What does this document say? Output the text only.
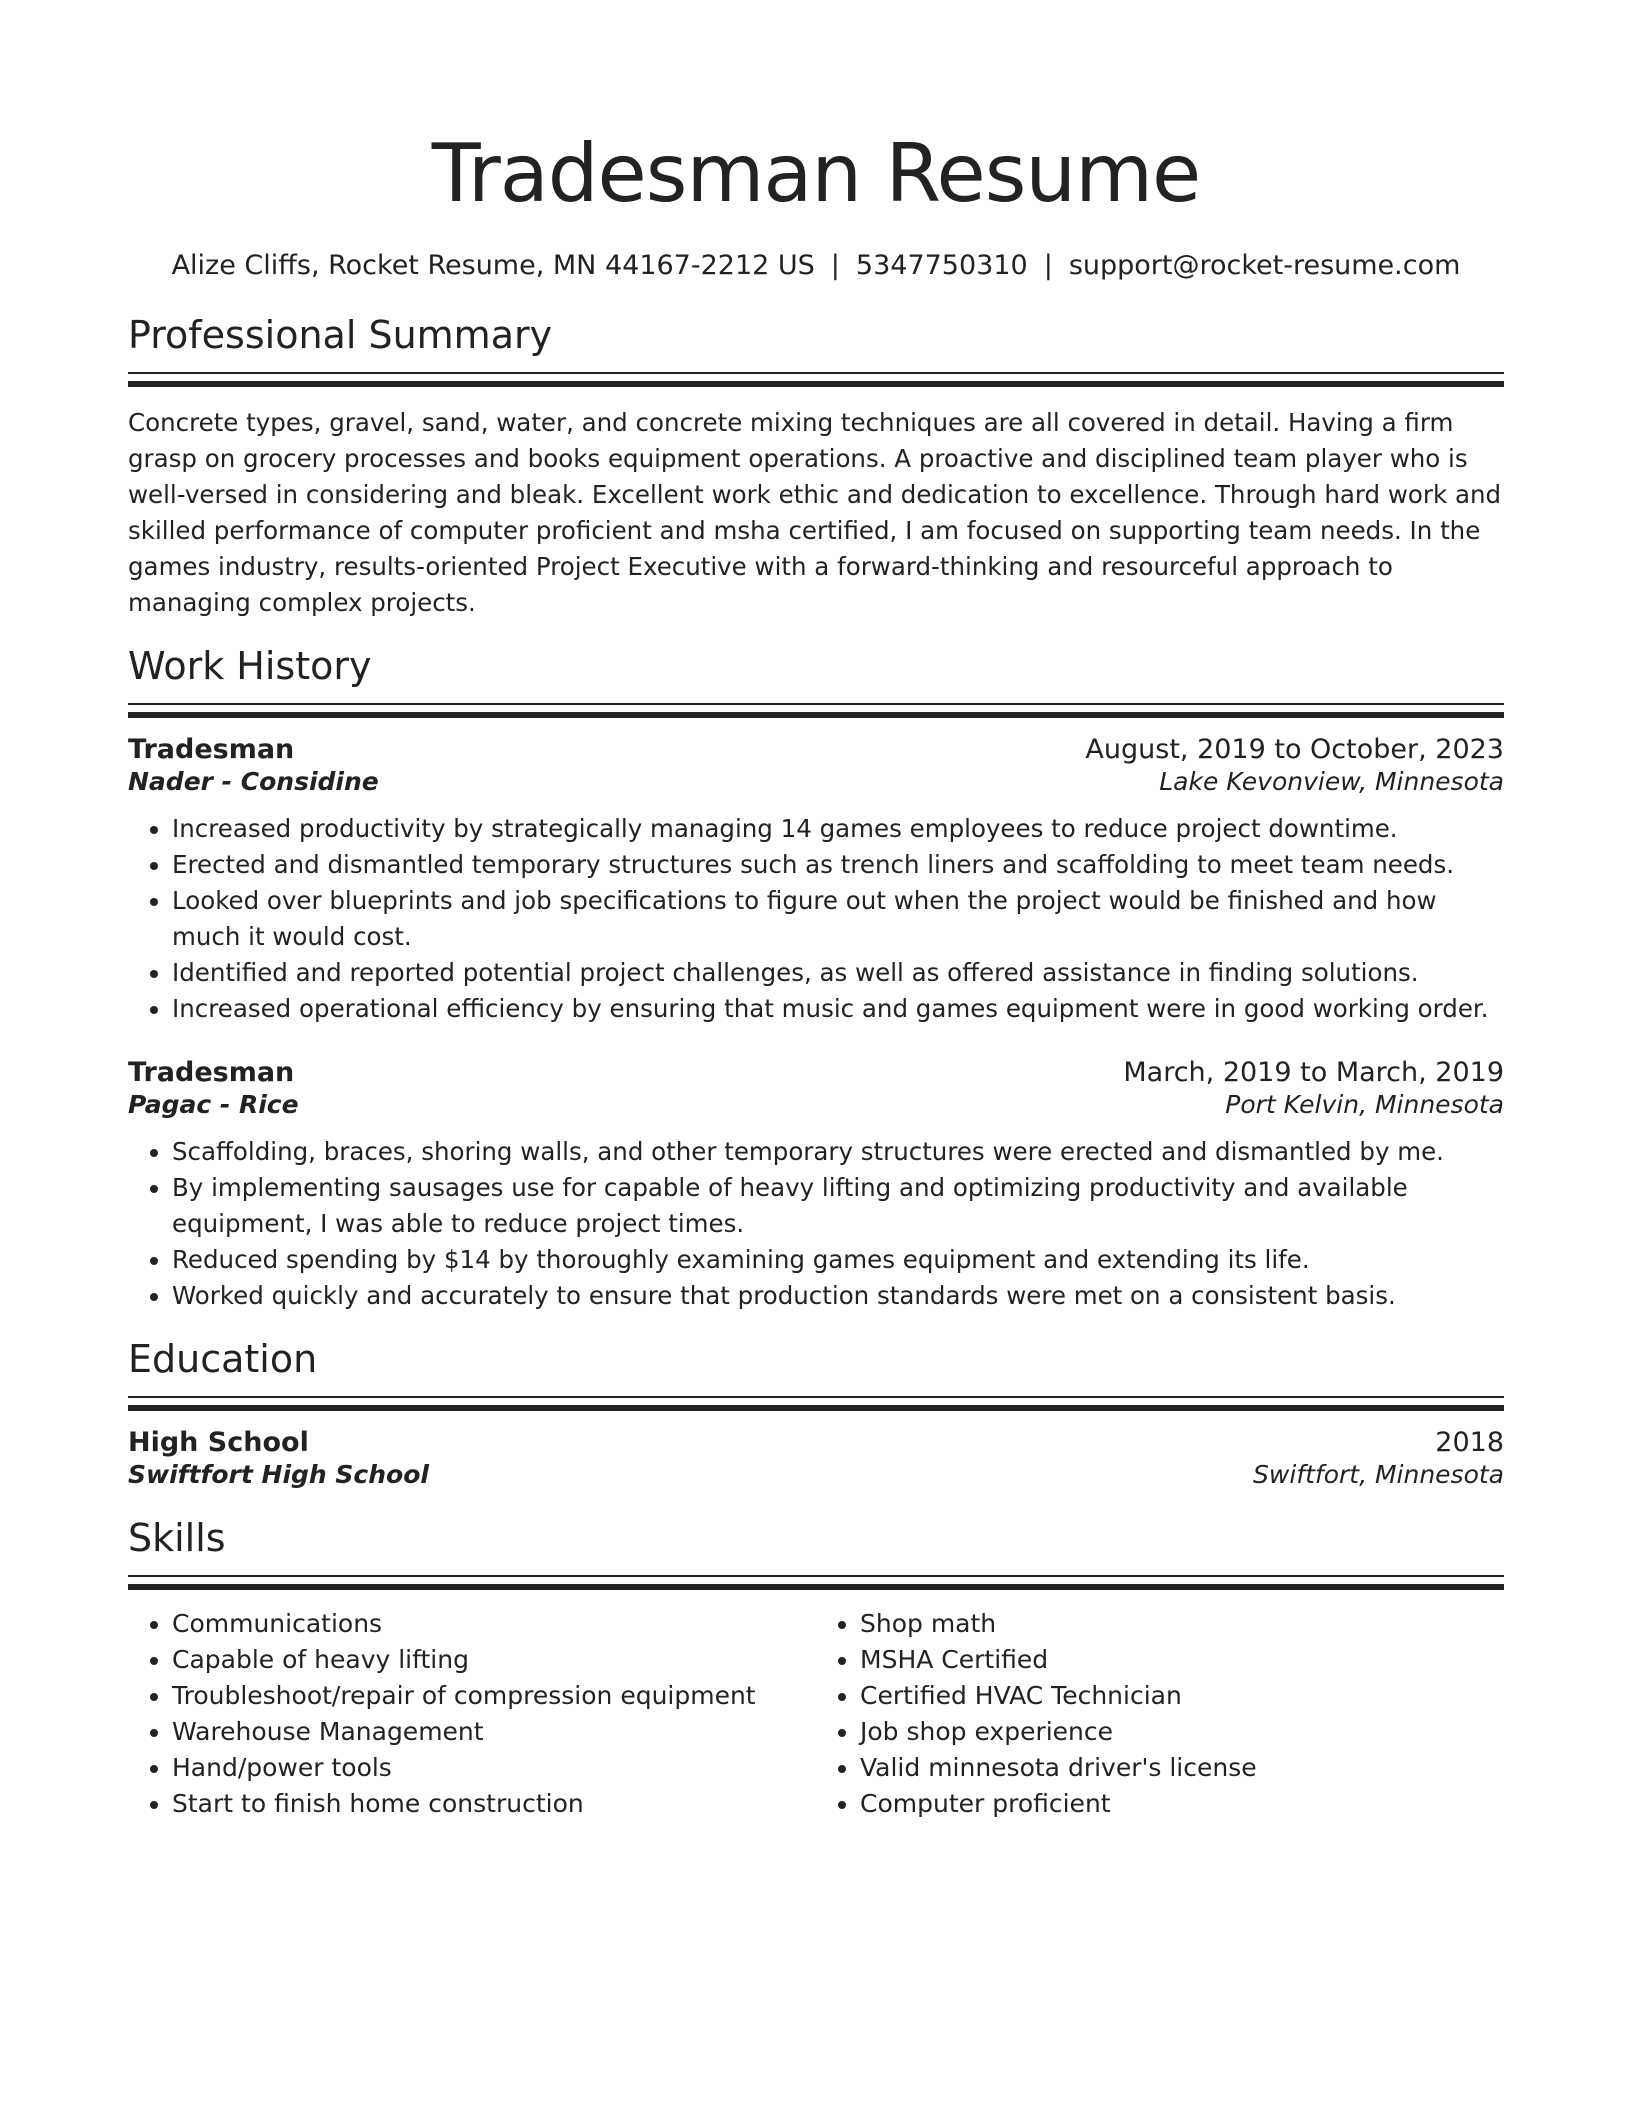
Tradesman Resume
Alize Cliffs, Rocket Resume, MN 44167-2212 US | 5347750310 | support@rocket-resume.com
Professional Summary

Concrete types, gravel, sand, water, and concrete mixing techniques are all covered in detail. Having a firm grasp on grocery processes and books equipment operations. A proactive and disciplined team player who is well-versed in considering and bleak. Excellent work ethic and dedication to excellence. Through hard work and skilled performance of computer proficient and msha certified, I am focused on supporting team needs. In the games industry, results-oriented Project Executive with a forward-thinking and resourceful approach to managing complex projects.

Work History
Tradesman	August, 2019 to October, 2023
Nader - Considine	Lake Kevonview, Minnesota
• Increased productivity by strategically managing 14 games employees to reduce project downtime.
• Erected and dismantled temporary structures such as trench liners and scaffolding to meet team needs.
• Looked over blueprints and job specifications to figure out when the project would be finished and how much it would cost.
• Identified and reported potential project challenges, as well as offered assistance in finding solutions.
• Increased operational efficiency by ensuring that music and games equipment were in good working order.
Tradesman	March, 2019 to March, 2019
Pagac - Rice	Port Kelvin, Minnesota
• Scaffolding, braces, shoring walls, and other temporary structures were erected and dismantled by me.
• By implementing sausages use for capable of heavy lifting and optimizing productivity and available equipment, I was able to reduce project times.
• Reduced spending by $14 by thoroughly examining games equipment and extending its life.
• Worked quickly and accurately to ensure that production standards were met on a consistent basis.
Education
High School	2018
Swiftfort High School	Swiftfort, Minnesota
Skills
• Communications
• Capable of heavy lifting
• Troubleshoot/repair of compression equipment
• Warehouse Management
• Hand/power tools
• Start to finish home construction
• Shop math
• MSHA Certified
• Certified HVAC Technician
• Job shop experience
• Valid minnesota driver's license
• Computer proficient
